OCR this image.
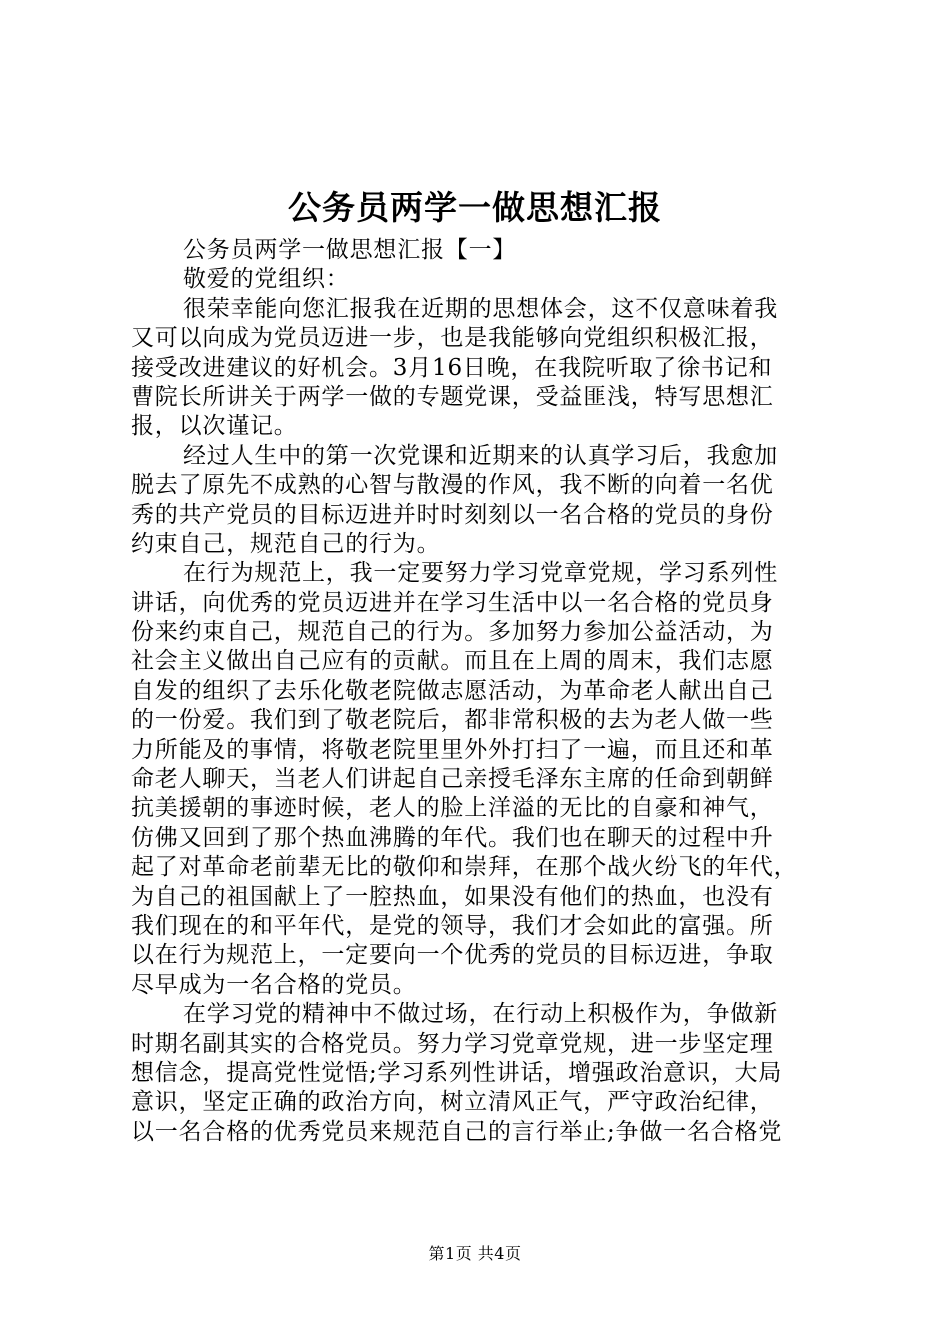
公务员两学一做思想汇报
公务员两学一做思想汇报【一】
敬爱的党组织：
很荣幸能向您汇报我在近期的思想体会，这不仅意味着我
又可以向成为党员迈进一步，也是我能够向党组织积极汇报，
接受改进建议的好机会。3月16日晚，在我院听取了徐书记和
曹院长所讲关于两学一做的专题党课，受益匪浅，特写思想汇
报，以次谨记。
经过人生中的第一次党课和近期来的认真学习后，我愈加
脱去了原先不成熟的心智与散漫的作风，我不断的向着一名优
秀的共产党员的目标迈进并时时刻刻以一名合格的党员的身份
约束自己，规范自己的行为。
在行为规范上，我一定要努力学习党章党规，学习系列性
讲话，向优秀的党员迈进并在学习生活中以一名合格的党员身
份来约束自己，规范自己的行为。多加努力参加公益活动，为
社会主义做出自己应有的贡献。而且在上周的周末，我们志愿
自发的组织了去乐化敬老院做志愿活动，为革命老人献出自己
的一份爱。我们到了敬老院后，都非常积极的去为老人做一些
力所能及的事情，将敬老院里里外外打扫了一遍，而且还和革
命老人聊天，当老人们讲起自己亲授毛泽东主席的任命到朝鲜
抗美援朝的事迹时候，老人的脸上洋溢的无比的自豪和神气，
仿佛又回到了那个热血沸腾的年代。我们也在聊天的过程中升
起了对革命老前辈无比的敬仰和崇拜，在那个战火纷飞的年代，
为自己的祖国献上了一腔热血，如果没有他们的热血，也没有
我们现在的和平年代，是党的领导，我们才会如此的富强。所
以在行为规范上，一定要向一个优秀的党员的目标迈进，争取
尽早成为一名合格的党员。
在学习党的精神中不做过场，在行动上积极作为，争做新
时期名副其实的合格党员。努力学习党章党规，进一步坚定理
想信念，提高党性觉悟;学习系列性讲话，增强政治意识，大局
意识，坚定正确的政治方向，树立清风正气，严守政治纪律，
以一名合格的优秀党员来规范自己的言行举止;争做一名合格党
第1页 共4页
